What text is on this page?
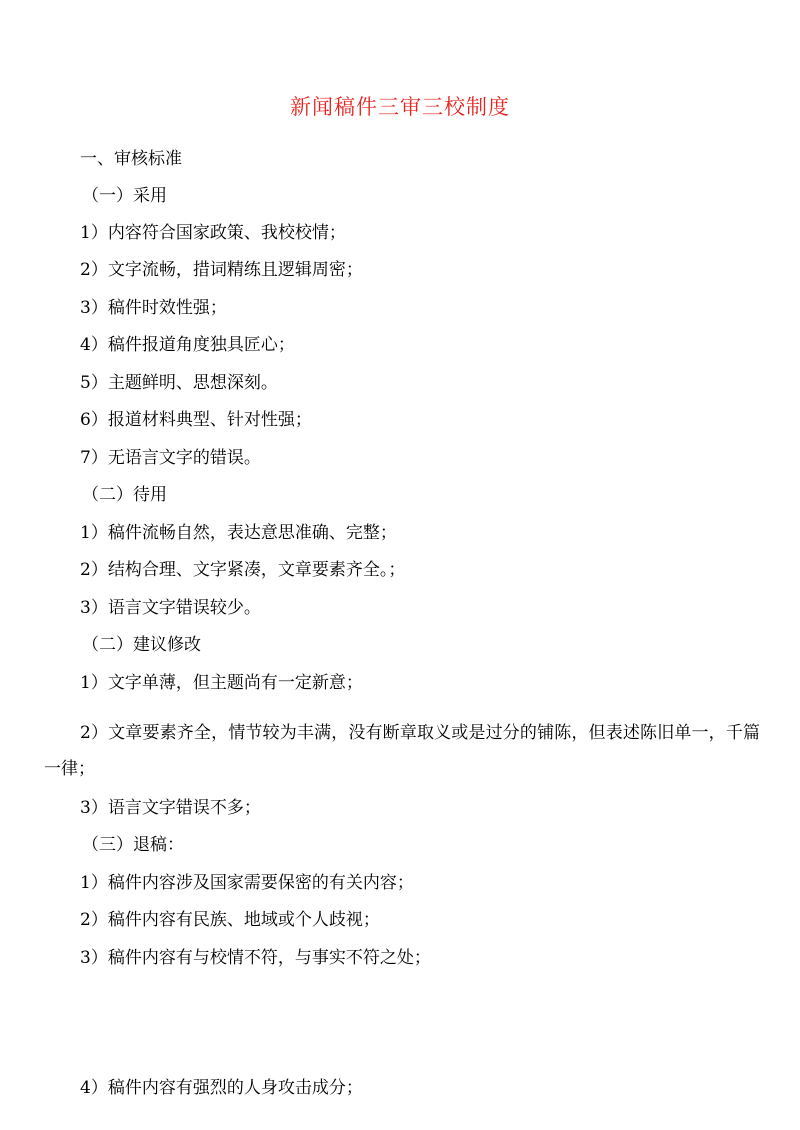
新闻稿件三审三校制度
一、审核标准
（一）采用
1）内容符合国家政策、我校校情；
2）文字流畅，措词精练且逻辑周密；
3）稿件时效性强；
4）稿件报道角度独具匠心；
5）主题鲜明、思想深刻。
6）报道材料典型、针对性强；
7）无语言文字的错误。
（二）待用
1）稿件流畅自然，表达意思准确、完整；
2）结构合理、文字紧凑，文章要素齐全。；
3）语言文字错误较少。
（二）建议修改
1）文字单薄，但主题尚有一定新意；
2）文章要素齐全，情节较为丰满，没有断章取义或是过分的铺陈，但表述陈旧单一，千篇一律；
3）语言文字错误不多；
（三）退稿：
1）稿件内容涉及国家需要保密的有关内容；
2）稿件内容有民族、地域或个人歧视；
3）稿件内容有与校情不符，与事实不符之处；
4）稿件内容有强烈的人身攻击成分；
